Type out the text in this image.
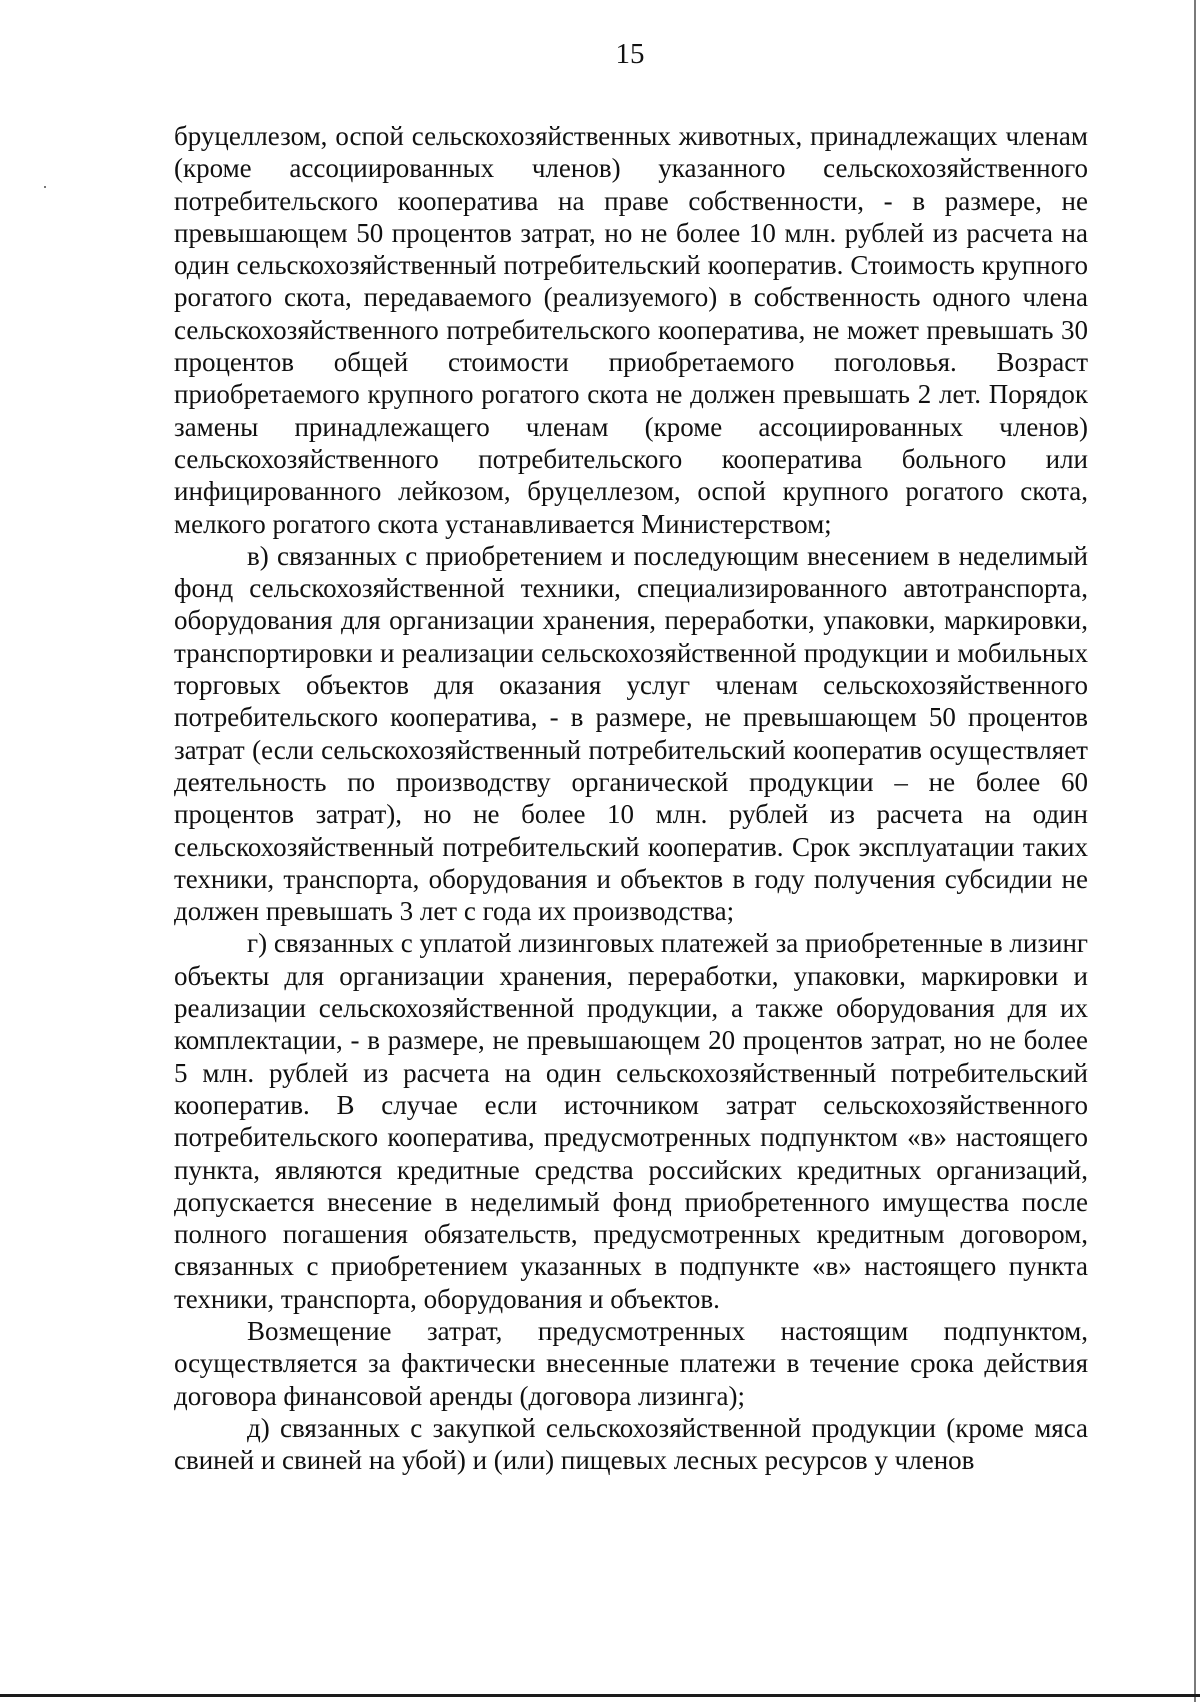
15

бруцеллезом, оспой сельскохозяйственных животных, принадлежащих членам (кроме ассоциированных членов) указанного сельскохозяйственного потребительского кооператива на праве собственности, - в размере, не превышающем 50 процентов затрат, но не более 10 млн. рублей из расчета на один сельскохозяйственный потребительский кооператив. Стоимость крупного рогатого скота, передаваемого (реализуемого) в собственность одного члена сельскохозяйственного потребительского кооператива, не может превышать 30 процентов общей стоимости приобретаемого поголовья. Возраст приобретаемого крупного рогатого скота не должен превышать 2 лет. Порядок замены принадлежащего членам (кроме ассоциированных членов) сельскохозяйственного потребительского кооператива больного или инфицированного лейкозом, бруцеллезом, оспой крупного рогатого скота, мелкого рогатого скота устанавливается Министерством;

в) связанных с приобретением и последующим внесением в неделимый фонд сельскохозяйственной техники, специализированного автотранспорта, оборудования для организации хранения, переработки, упаковки, маркировки, транспортировки и реализации сельскохозяйственной продукции и мобильных торговых объектов для оказания услуг членам сельскохозяйственного потребительского кооператива, - в размере, не превышающем 50 процентов затрат (если сельскохозяйственный потребительский кооператив осуществляет деятельность по производству органической продукции – не более 60 процентов затрат), но не более 10 млн. рублей из расчета на один сельскохозяйственный потребительский кооператив. Срок эксплуатации таких техники, транспорта, оборудования и объектов в году получения субсидии не должен превышать 3 лет с года их производства;

г) связанных с уплатой лизинговых платежей за приобретенные в лизинг объекты для организации хранения, переработки, упаковки, маркировки и реализации сельскохозяйственной продукции, а также оборудования для их комплектации, - в размере, не превышающем 20 процентов затрат, но не более 5 млн. рублей из расчета на один сельскохозяйственный потребительский кооператив. В случае если источником затрат сельскохозяйственного потребительского кооператива, предусмотренных подпунктом «в» настоящего пункта, являются кредитные средства российских кредитных организаций, допускается внесение в неделимый фонд приобретенного имущества после полного погашения обязательств, предусмотренных кредитным договором, связанных с приобретением указанных в подпункте «в» настоящего пункта техники, транспорта, оборудования и объектов.

Возмещение затрат, предусмотренных настоящим подпунктом, осуществляется за фактически внесенные платежи в течение срока действия договора финансовой аренды (договора лизинга);

д) связанных с закупкой сельскохозяйственной продукции (кроме мяса свиней и свиней на убой) и (или) пищевых лесных ресурсов у членов
